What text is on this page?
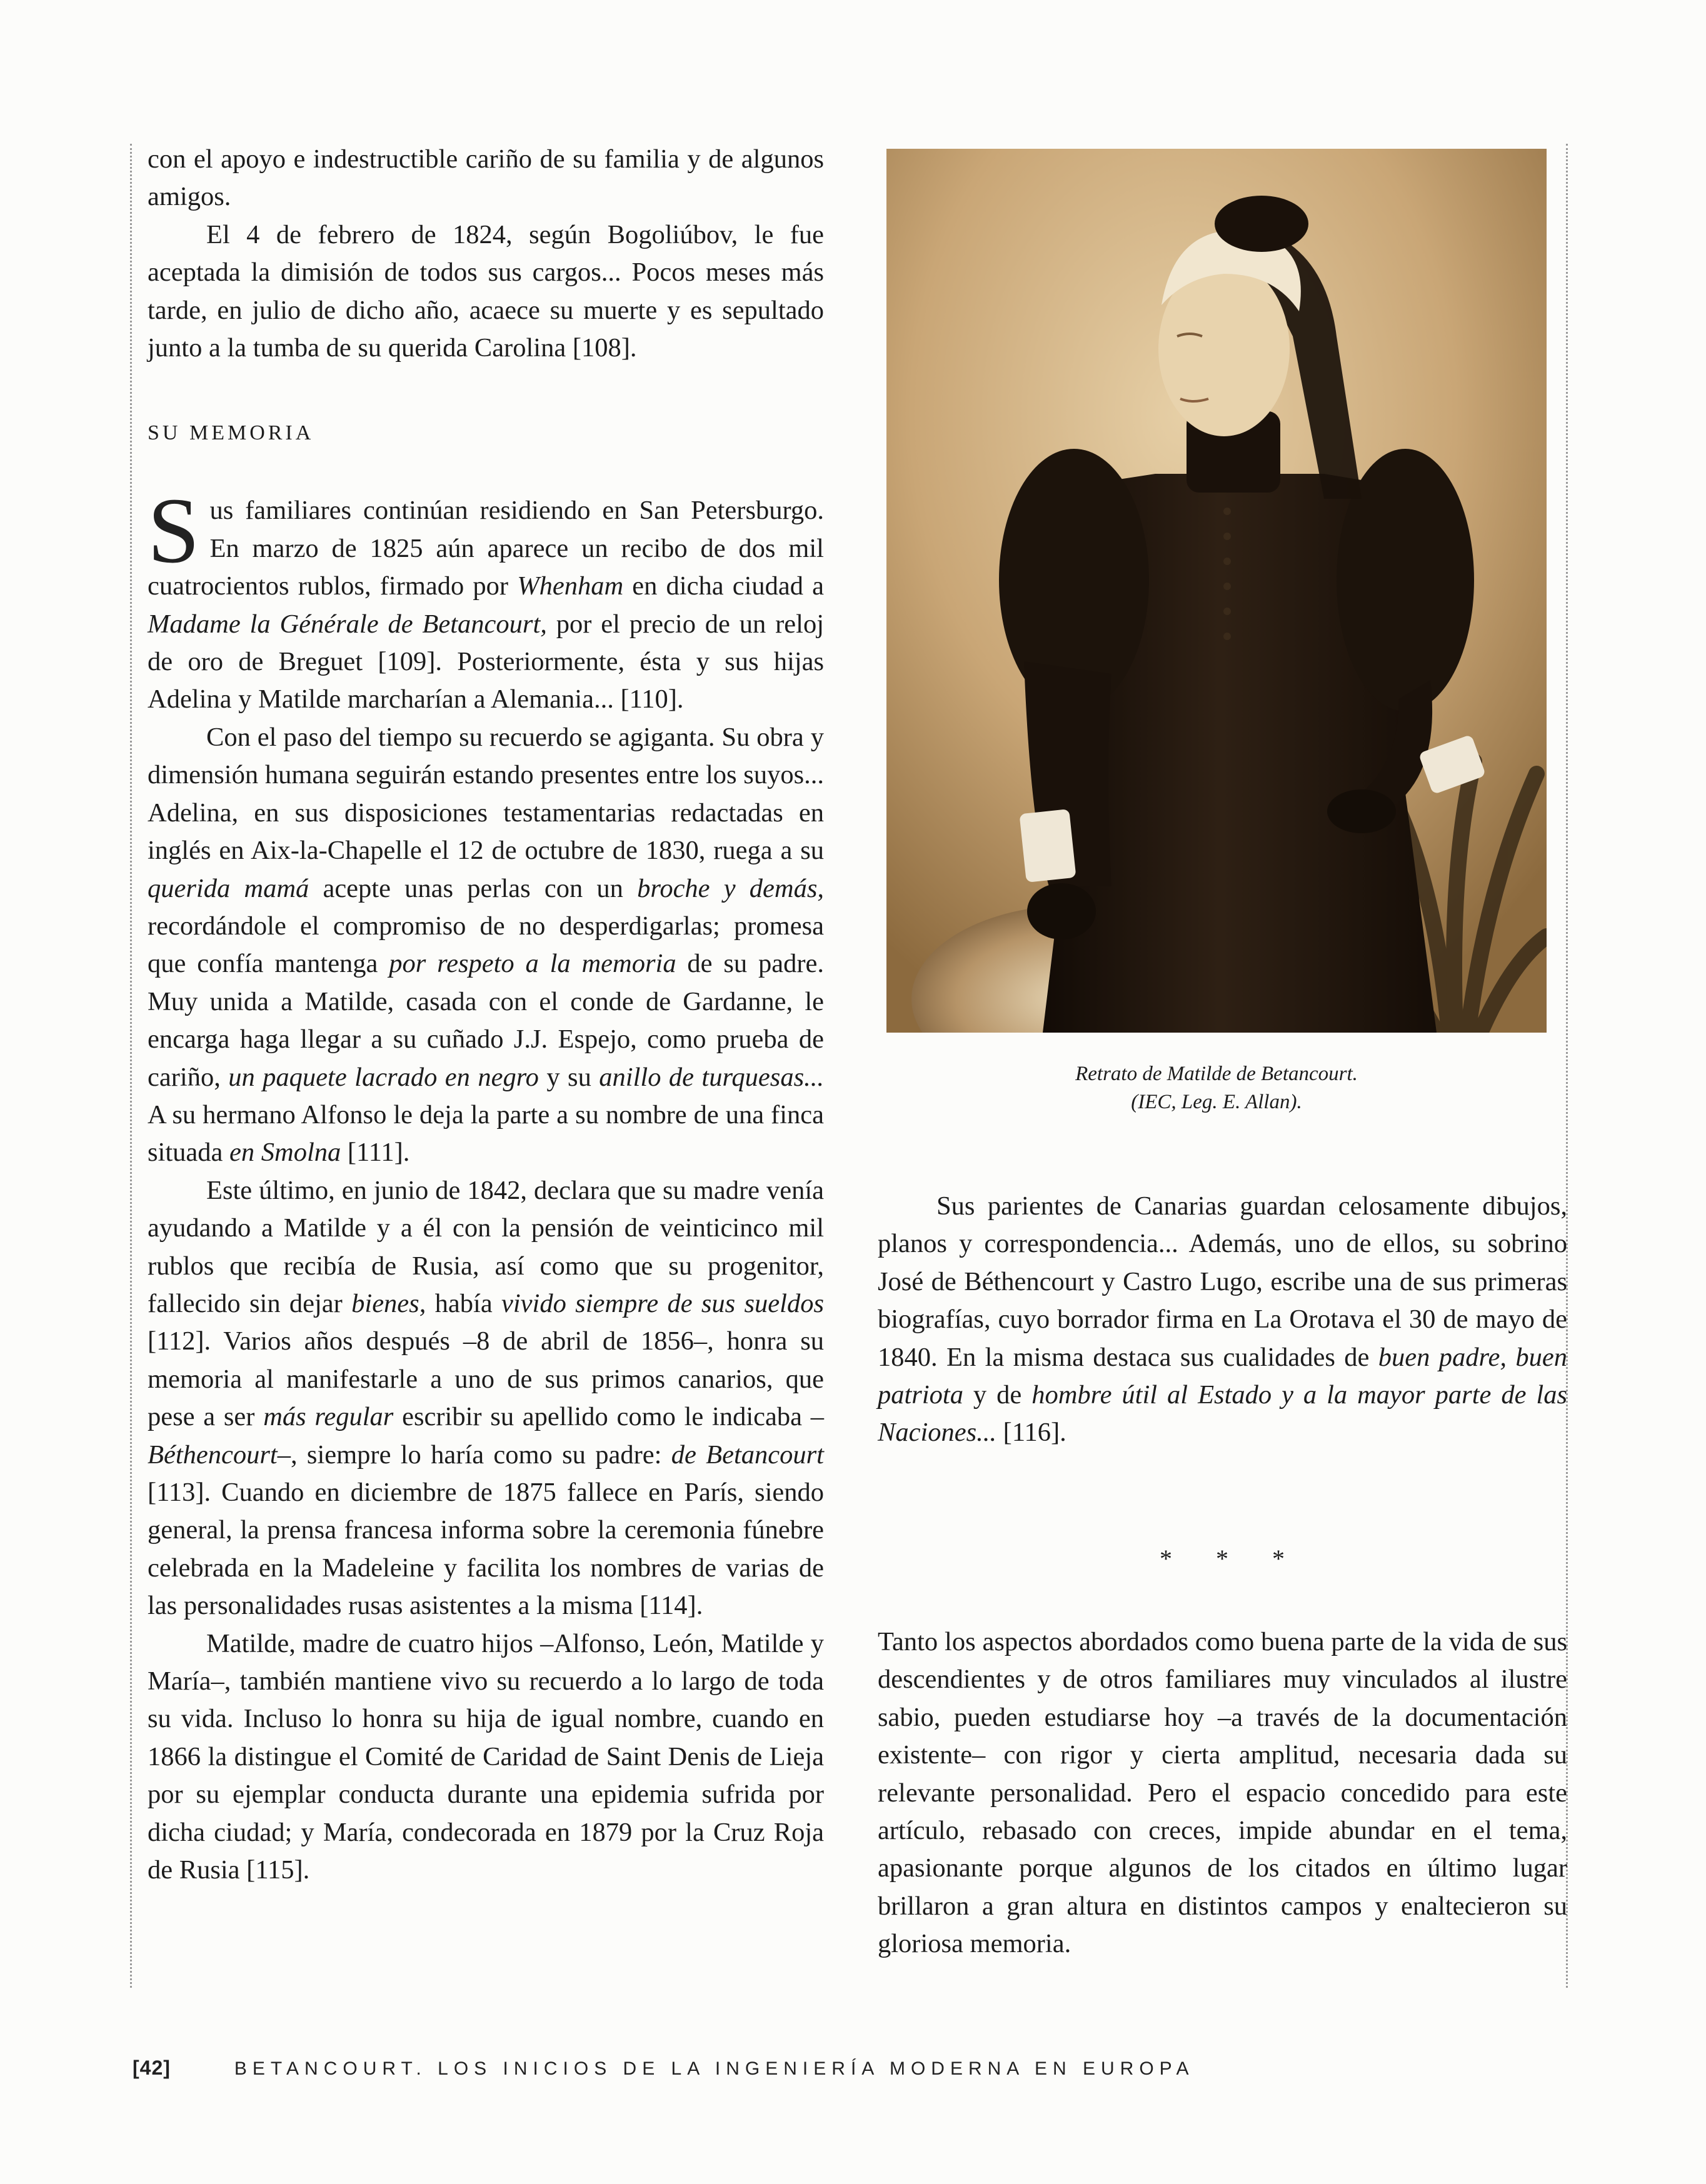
con el apoyo e indestructible cariño de su familia y de algunos amigos.

El 4 de febrero de 1824, según Bogoliúbov, le fue aceptada la dimisión de todos sus cargos... Pocos meses más tarde, en julio de dicho año, acaece su muerte y es sepultado junto a la tumba de su querida Carolina [108].

SU MEMORIA

Sus familiares continúan residiendo en San Petersburgo. En marzo de 1825 aún aparece un recibo de dos mil cuatrocientos rublos, firmado por Whenham en dicha ciudad a Madame la Générale de Betancourt, por el precio de un reloj de oro de Breguet [109]. Posteriormente, ésta y sus hijas Adelina y Matilde marcharían a Alemania... [110].

Con el paso del tiempo su recuerdo se agiganta. Su obra y dimensión humana seguirán estando presentes entre los suyos... Adelina, en sus disposiciones testamentarias redactadas en inglés en Aix-la-Chapelle el 12 de octubre de 1830, ruega a su querida mamá acepte unas perlas con un broche y demás, recordándole el compromiso de no desperdigarlas; promesa que confía mantenga por respeto a la memoria de su padre. Muy unida a Matilde, casada con el conde de Gardanne, le encarga haga llegar a su cuñado J.J. Espejo, como prueba de cariño, un paquete lacrado en negro y su anillo de turquesas... A su hermano Alfonso le deja la parte a su nombre de una finca situada en Smolna [111].

Este último, en junio de 1842, declara que su madre venía ayudando a Matilde y a él con la pensión de veinticinco mil rublos que recibía de Rusia, así como que su progenitor, fallecido sin dejar bienes, había vivido siempre de sus sueldos [112]. Varios años después –8 de abril de 1856–, honra su memoria al manifestarle a uno de sus primos canarios, que pese a ser más regular escribir su apellido como le indicaba –Béthencourt–, siempre lo haría como su padre: de Betancourt [113]. Cuando en diciembre de 1875 fallece en París, siendo general, la prensa francesa informa sobre la ceremonia fúnebre celebrada en la Madeleine y facilita los nombres de varias de las personalidades rusas asistentes a la misma [114].

Matilde, madre de cuatro hijos –Alfonso, León, Matilde y María–, también mantiene vivo su recuerdo a lo largo de toda su vida. Incluso lo honra su hija de igual nombre, cuando en 1866 la distingue el Comité de Caridad de Saint Denis de Lieja por su ejemplar conducta durante una epidemia sufrida por dicha ciudad; y María, condecorada en 1879 por la Cruz Roja de Rusia [115].

Retrato de Matilde de Betancourt.
(IEC, Leg. E. Allan).

Sus parientes de Canarias guardan celosamente dibujos, planos y correspondencia... Además, uno de ellos, su sobrino José de Béthencourt y Castro Lugo, escribe una de sus primeras biografías, cuyo borrador firma en La Orotava el 30 de mayo de 1840. En la misma destaca sus cualidades de buen padre, buen patriota y de hombre útil al Estado y a la mayor parte de las Naciones... [116].

* * *

Tanto los aspectos abordados como buena parte de la vida de sus descendientes y de otros familiares muy vinculados al ilustre sabio, pueden estudiarse hoy –a través de la documentación existente– con rigor y cierta amplitud, necesaria dada su relevante personalidad. Pero el espacio concedido para este artículo, rebasado con creces, impide abundar en el tema, apasionante porque algunos de los citados en último lugar brillaron a gran altura en distintos campos y enaltecieron su gloriosa memoria.

[42]	BETANCOURT. LOS INICIOS DE LA INGENIERÍA MODERNA EN EUROPA
